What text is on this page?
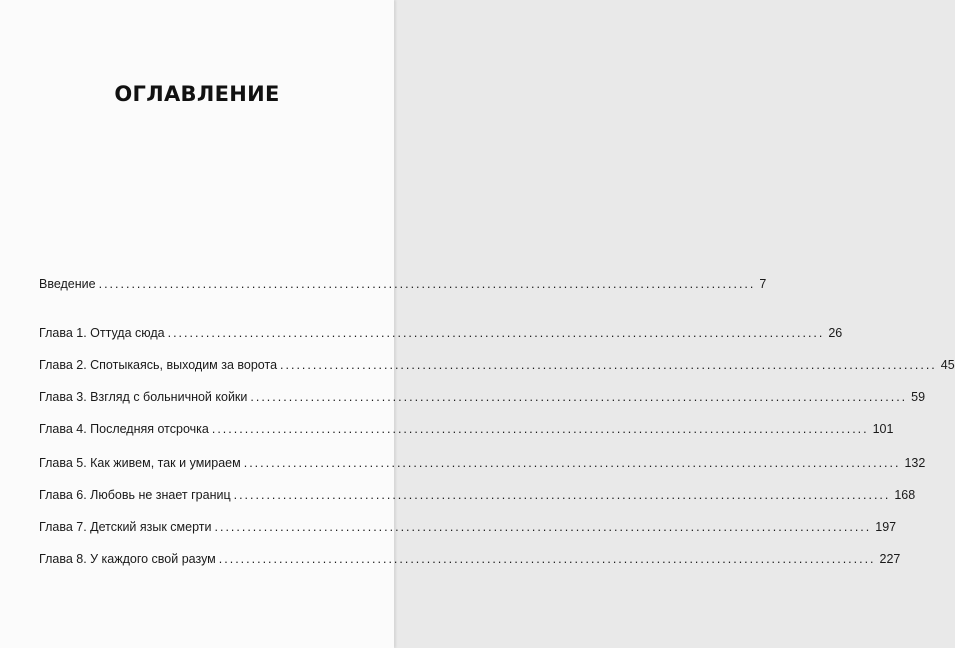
ОГЛАВЛЕНИЕ
Введение ........................................................................................................................ 7
Глава 1. Оттуда сюда ........................................................................................................................ 26
Глава 2. Спотыкаясь, выходим за ворота ........................................................................................................................ 45
Глава 3. Взгляд с больничной койки ........................................................................................................................ 59
Глава 4. Последняя отсрочка ........................................................................................................................ 101
Глава 5. Как живем, так и умираем ........................................................................................................................ 132
Глава 6. Любовь не знает границ ........................................................................................................................ 168
Глава 7. Детский язык смерти ........................................................................................................................ 197
Глава 8. У каждого свой разум ........................................................................................................................ 227
